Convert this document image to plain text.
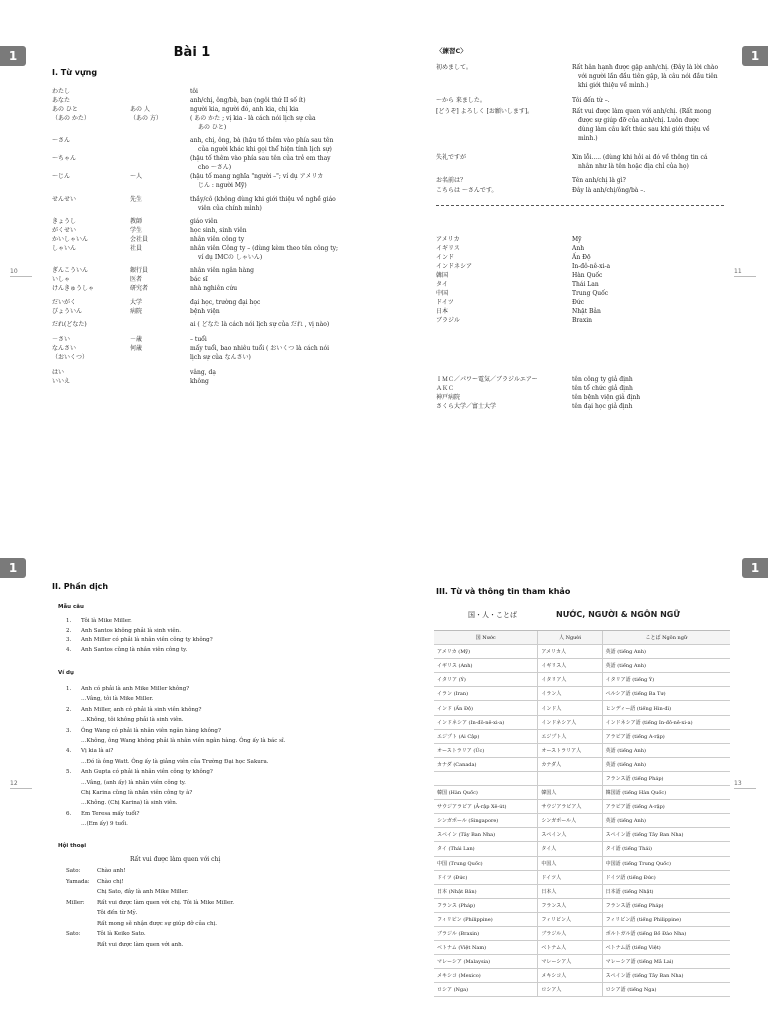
1
10
Bài 1
I. Từ vựng
わたし	tôi
あなた	anh/chị, ông/bà, bạn (ngôi thứ II số ít)
あの ひと	あの 人	người kia, người đó, anh kia, chị kia
（あの かた）	（あの 方）	( あの かた ; vị kia - là cách nói lịch sự của
あの ひと)
～さん	anh, chị, ông, bà (hậu tố thêm vào phía sau tên
của người khác khi gọi thể hiện tính lịch sự)
～ちゃん	(hậu tố thêm vào phía sau tên của trẻ em thay
cho ～さん)
～じん	～人	(hậu tố mang nghĩa "người –"; ví dụ アメリカ
じん : người Mỹ)
せんせい	先生	thầy/cô (không dùng khi giới thiệu về nghề giáo
viên của chính mình)
きょうし	教師	giáo viên
がくせい	学生	học sinh, sinh viên
かいしゃいん	会社員	nhân viên công ty
しゃいん	社員	nhân viên Công ty – (dùng kèm theo tên công ty;
ví dụ IMCの しゃいん)
ぎんこういん	銀行員	nhân viên ngân hàng
いしゃ	医者	bác sĩ
けんきゅうしゃ	研究者	nhà nghiên cứu
だいがく	大学	đại học, trường đại học
びょういん	病院	bệnh viện
だれ(どなた)	ai ( どなた là cách nói lịch sự của だれ , vị nào)
－さい	－歳	– tuổi
なんさい	何歳	mấy tuổi, bao nhiêu tuổi ( おいくつ là cách nói
（おいくつ）	lịch sự của なんさい)
はい	vâng, dạ
いいえ	không
1
11
〈練習C〉
初めまして。	Rất hân hạnh được gặp anh/chị. (Đây là lời chào
với người lần đầu tiên gặp, là câu nói đầu tiên
khi giới thiệu về mình.)
～から 来ました。	Tôi đến từ –.
[どうぞ] よろしく [お願いします]。	Rất vui được làm quen với anh/chị. (Rất mong
được sự giúp đỡ của anh/chị. Luôn được
dùng làm câu kết thúc sau khi giới thiệu về
mình.)
失礼ですが	Xin lỗi..... (dùng khi hỏi ai đó về thông tin cá
nhân như là tên hoặc địa chỉ của họ)
お名前は？	Tên anh/chị là gì?
こちらは ～さんです。	Đây là anh/chị/ông/bà –.
アメリカ	Mỹ
イギリス	Anh
インド	Ấn Độ
インドネシア	In-đô-nê-xi-a
韓国	Hàn Quốc
タイ	Thái Lan
中国	Trung Quốc
ドイツ	Đức
日本	Nhật Bản
ブラジル	Braxin
ＩＭＣ／パワー電気／ブラジルエアー	tên công ty giả định
ＡＫＣ	tên tổ chức giả định
神戸病院	tên bệnh viện giả định
さくら大学／富士大学	tên đại học giả định
1
12
II. Phần dịch
Mẫu câu
Ví dụ
Hội thoại
Rất vui được làm quen với chị
1. Tôi là Mike Miller.
2. Anh Santos không phải là sinh viên.
3. Anh Miller có phải là nhân viên công ty không?
4. Anh Santos cũng là nhân viên công ty.
1. Anh có phải là anh Mike Miller không?
…Vâng, tôi là Mike Miller.
2. Anh Miller, anh có phải là sinh viên không?
…Không, tôi không phải là sinh viên.
3. Ông Wang có phải là nhân viên ngân hàng không?
…Không, ông Wang không phải là nhân viên ngân hàng. Ông ấy là bác sĩ.
4. Vị kia là ai?
…Đó là ông Watt. Ông ấy là giảng viên của Trường Đại học Sakura.
5. Anh Gupta có phải là nhân viên công ty không?
…Vâng, (anh ấy) là nhân viên công ty.
Chị Karina cũng là nhân viên công ty à?
…Không. (Chị Karina) là sinh viên.
6. Em Teresa mấy tuổi?
…(Em ấy) 9 tuổi.
Sato:	Chào anh!
Yamada: Chào chị!
Chị Sato, đây là anh Mike Miller.
Miller: Rất vui được làm quen với chị. Tôi là Mike Miller.
Tôi đến từ Mỹ.
Rất mong sẽ nhận được sự giúp đỡ của chị.
Sato:	Tôi là Keiko Sato.
Rất vui được làm quen với anh.
1
13
III. Từ và thông tin tham khảo
国・人・ことば	NƯỚC, NGƯỜI & NGÔN NGỮ
国 Nước	人 Người	ことば Ngôn ngữ
アメリカ (Mỹ)	アメリカ人	英語 (tiếng Anh)
イギリス (Anh)	イギリス人	英語 (tiếng Anh)
イタリア (Ý)	イタリア人	イタリア語 (tiếng Ý)
イラン (Iran)	イラン人	ペルシア語 (tiếng Ba Tư)
インド (Ấn Độ)	インド人	ヒンディー語 (tiếng Hin-đi)
インドネシア (In-đô-nê-xi-a)	インドネシア人	インドネシア語 (tiếng In-đô-nê-xi-a)
エジプト (Ai Cập)	エジプト人	アラビア語 (tiếng A-rập)
オーストラリア (Úc)	オーストラリア人	英語 (tiếng Anh)
カナダ (Canada)	カナダ人	英語 (tiếng Anh)
		フランス語 (tiếng Pháp)
韓国 (Hàn Quốc)	韓国人	韓国語 (tiếng Hàn Quốc)
サウジアラビア (Ả-rập Xê-út)	サウジアラビア人	アラビア語 (tiếng A-rập)
シンガポール (Singapore)	シンガポール人	英語 (tiếng Anh)
スペイン (Tây Ban Nha)	スペイン人	スペイン語 (tiếng Tây Ban Nha)
タイ (Thái Lan)	タイ人	タイ語 (tiếng Thái)
中国 (Trung Quốc)	中国人	中国語 (tiếng Trung Quốc)
ドイツ (Đức)	ドイツ人	ドイツ語 (tiếng Đức)
日本 (Nhật Bản)	日本人	日本語 (tiếng Nhật)
フランス (Pháp)	フランス人	フランス語 (tiếng Pháp)
フィリピン (Philippine)	フィリピン人	フィリピン語 (tiếng Philippine)
ブラジル (Braxin)	ブラジル人	ポルトガル語 (tiếng Bồ Đào Nha)
ベトナム (Việt Nam)	ベトナム人	ベトナム語 (tiếng Việt)
マレーシア (Malaysia)	マレーシア人	マレーシア語 (tiếng Mã Lai)
メキシコ (Mexico)	メキシコ人	スペイン語 (tiếng Tây Ban Nha)
ロシア (Nga)	ロシア人	ロシア語 (tiếng Nga)
